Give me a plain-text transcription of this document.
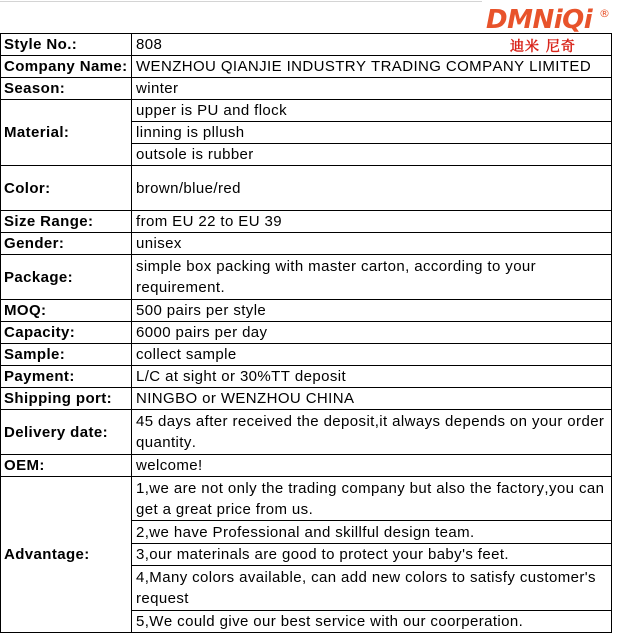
DMNiQi ®
迪米 尼奇
Style No.:	808
Company Name: WENZHOU QIANJIE INDUSTRY TRADING COMPANY LIMITED
Season:	winter
Material:
upper is PU and flock
linning is pllush
outsole is rubber
Color:	brown/blue/red
Size Range:	from EU 22 to EU 39
Gender:	unisex
Package:
simple box packing with master carton, according to your requirement.
MOQ:	500 pairs per style
Capacity:	6000 pairs per day
Sample:	collect sample
Payment:	L/C at sight or 30%TT deposit
Shipping port:	NINGBO or WENZHOU CHINA
Delivery date:
45 days after received the deposit,it always depends on your order quantity.
OEM:	welcome!
Advantage:
1,we are not only the trading company but also the factory,you can get a great price from us.
2,we have Professional and skillful design team.
3,our materinals are good to protect your baby's feet.
4,Many colors available, can add new colors to satisfy customer's request
5,We could give our best service with our coorperation.
